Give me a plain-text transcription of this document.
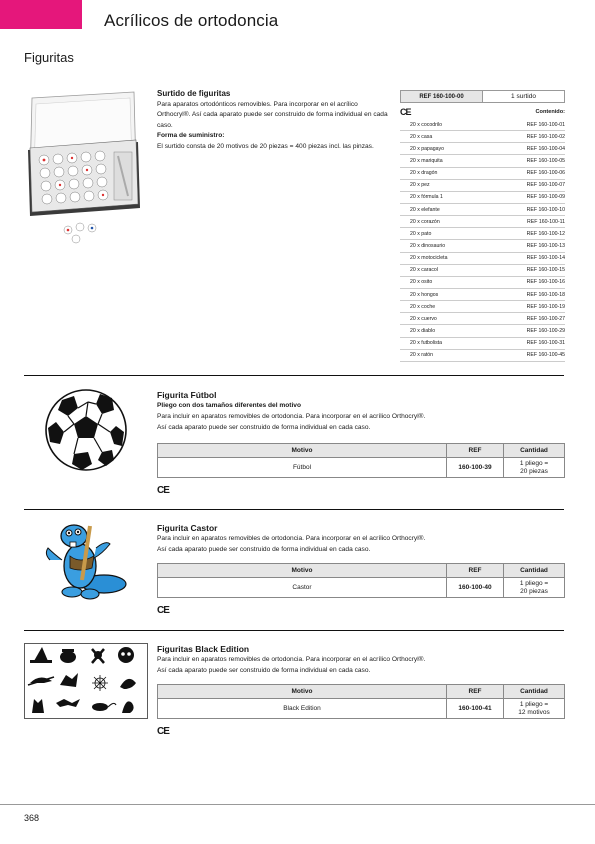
Acrílicos de ortodoncia
Figuritas
Surtido de figuritas
Para aparatos ortodónticos removibles. Para incorporar en el acrílico Orthocryl®. Así cada aparato puede ser construido de forma individual en cada caso.
Forma de suministro:
El surtido consta de 20 motivos de 20 piezas = 400 piezas incl. las pinzas.
REF 160-100-00	1 surtido
CE	Contenido:
20 x cocodrilo	REF 160-100-01
20 x casa	REF 160-100-02
20 x papagayo	REF 160-100-04
20 x mariquita	REF 160-100-05
20 x dragón	REF 160-100-06
20 x pez	REF 160-100-07
20 x fórmula 1	REF 160-100-09
20 x elefante	REF 160-100-10
20 x corazón	REF 160-100-11
20 x pato	REF 160-100-12
20 x dinosaurio	REF 160-100-13
20 x motocicleta	REF 160-100-14
20 x caracol	REF 160-100-15
20 x osito	REF 160-100-16
20 x hongos	REF 160-100-18
20 x coche	REF 160-100-19
20 x cuervo	REF 160-100-27
20 x diablo	REF 160-100-29
20 x futbolista	REF 160-100-31
20 x ratón	REF 160-100-45
Figurita Fútbol
Pliego con dos tamaños diferentes del motivo
Para incluir en aparatos removibles de ortodoncia. Para incorporar en el acrílico Orthocryl®.
Así cada aparato puede ser construido de forma individual en cada caso.
Motivo	REF	Cantidad
Fútbol	160-100-39
1 pliego =
20 piezas
CE
Figurita Castor
Para incluir en aparatos removibles de ortodoncia. Para incorporar en el acrílico Orthocryl®.
Así cada aparato puede ser construido de forma individual en cada caso.
Motivo	REF	Cantidad
Castor	160-100-40
1 pliego =
20 piezas
CE
Figuritas Black Edition
Para incluir en aparatos removibles de ortodoncia. Para incorporar en el acrílico Orthocryl®.
Así cada aparato puede ser construido de forma individual en cada caso.
Motivo	REF	Cantidad
Black Edition	160-100-41
1 pliego =
12 motivos
CE
368
